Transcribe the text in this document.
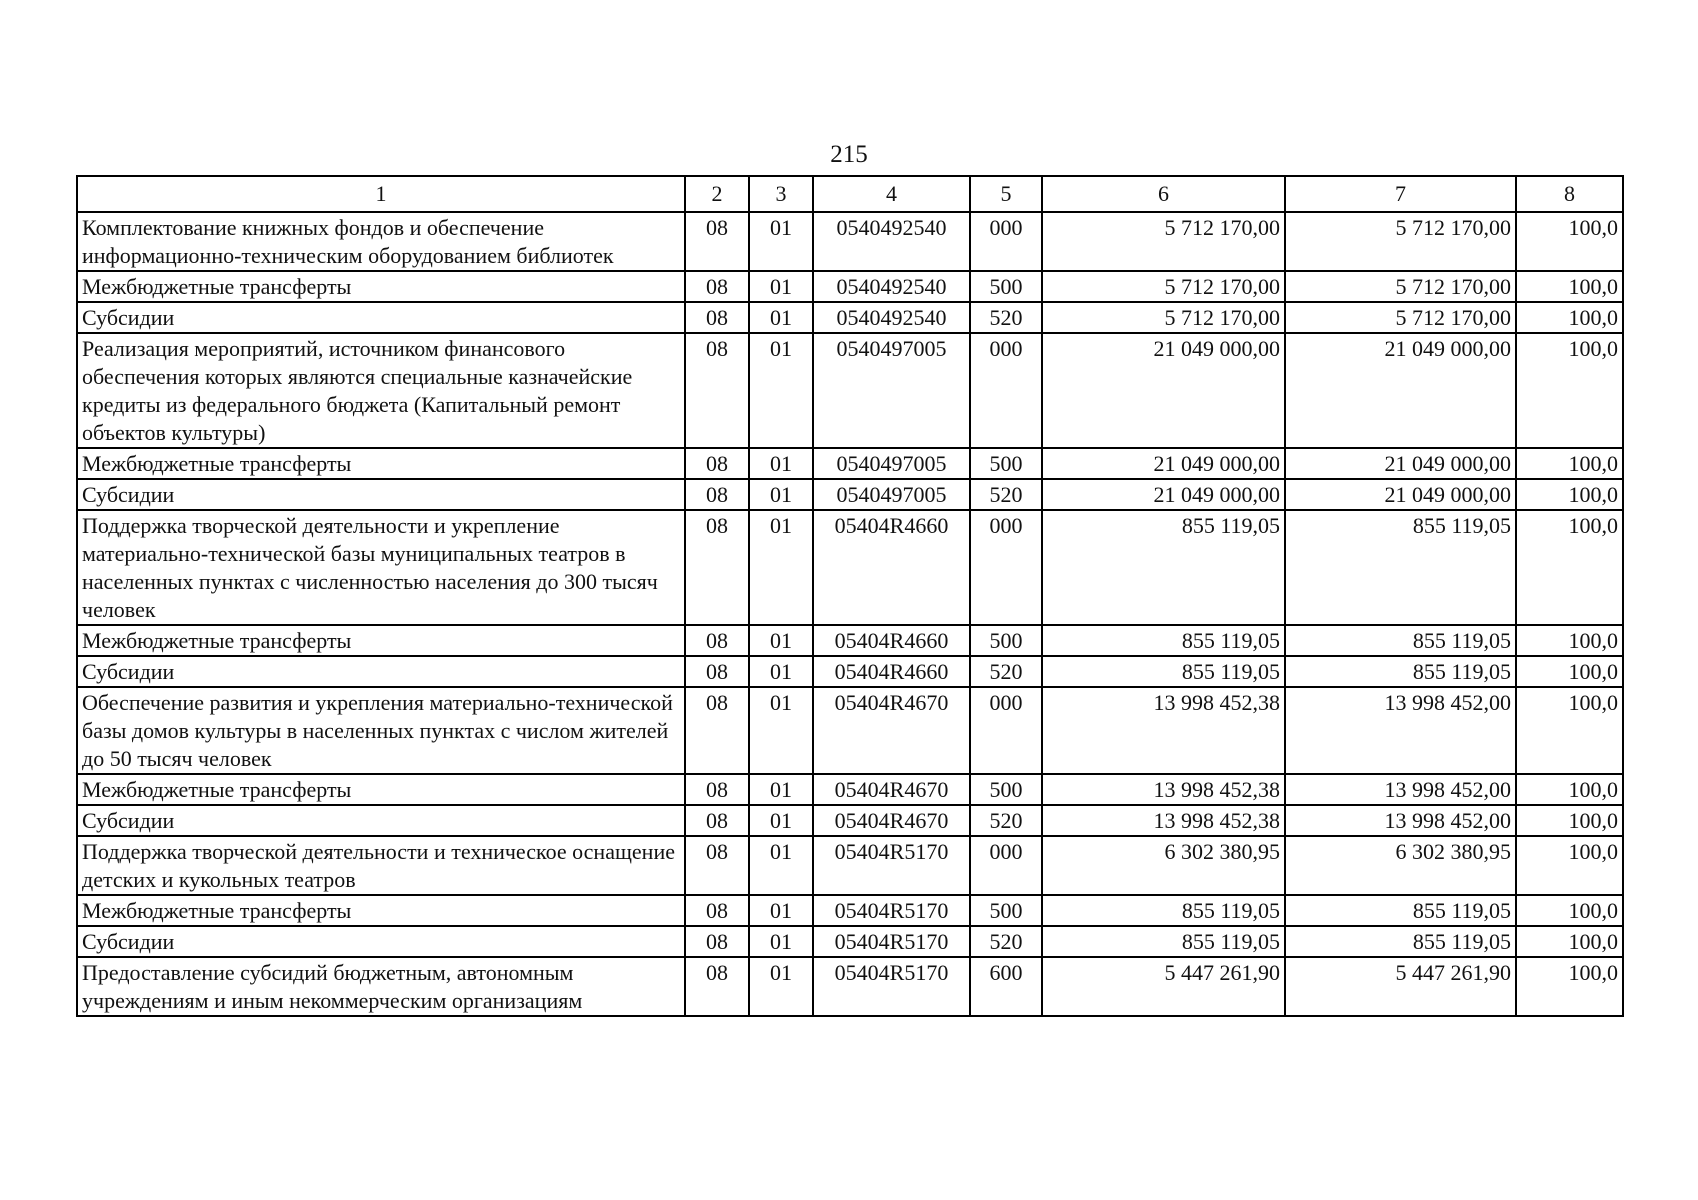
215
1	2	3	4	5	6	7	8
Комплектование книжных фондов и обеспечение информационно-техническим оборудованием библиотек	08	01	0540492540	000	5 712 170,00	5 712 170,00	100,0
Межбюджетные трансферты	08	01	0540492540	500	5 712 170,00	5 712 170,00	100,0
Субсидии	08	01	0540492540	520	5 712 170,00	5 712 170,00	100,0
Реализация мероприятий, источником финансового обеспечения которых являются специальные казначейские кредиты из федерального бюджета (Капитальный ремонт объектов культуры)	08	01	0540497005	000	21 049 000,00	21 049 000,00	100,0
Межбюджетные трансферты	08	01	0540497005	500	21 049 000,00	21 049 000,00	100,0
Субсидии	08	01	0540497005	520	21 049 000,00	21 049 000,00	100,0
Поддержка творческой деятельности и укрепление материально-технической базы муниципальных театров в населенных пунктах с численностью населения до 300 тысяч человек	08	01	05404R4660	000	855 119,05	855 119,05	100,0
Межбюджетные трансферты	08	01	05404R4660	500	855 119,05	855 119,05	100,0
Субсидии	08	01	05404R4660	520	855 119,05	855 119,05	100,0
Обеспечение развития и укрепления материально-технической базы домов культуры в населенных пунктах с числом жителей до 50 тысяч человек	08	01	05404R4670	000	13 998 452,38	13 998 452,00	100,0
Межбюджетные трансферты	08	01	05404R4670	500	13 998 452,38	13 998 452,00	100,0
Субсидии	08	01	05404R4670	520	13 998 452,38	13 998 452,00	100,0
Поддержка творческой деятельности и техническое оснащение детских и кукольных театров	08	01	05404R5170	000	6 302 380,95	6 302 380,95	100,0
Межбюджетные трансферты	08	01	05404R5170	500	855 119,05	855 119,05	100,0
Субсидии	08	01	05404R5170	520	855 119,05	855 119,05	100,0
Предоставление субсидий бюджетным, автономным учреждениям и иным некоммерческим организациям	08	01	05404R5170	600	5 447 261,90	5 447 261,90	100,0
